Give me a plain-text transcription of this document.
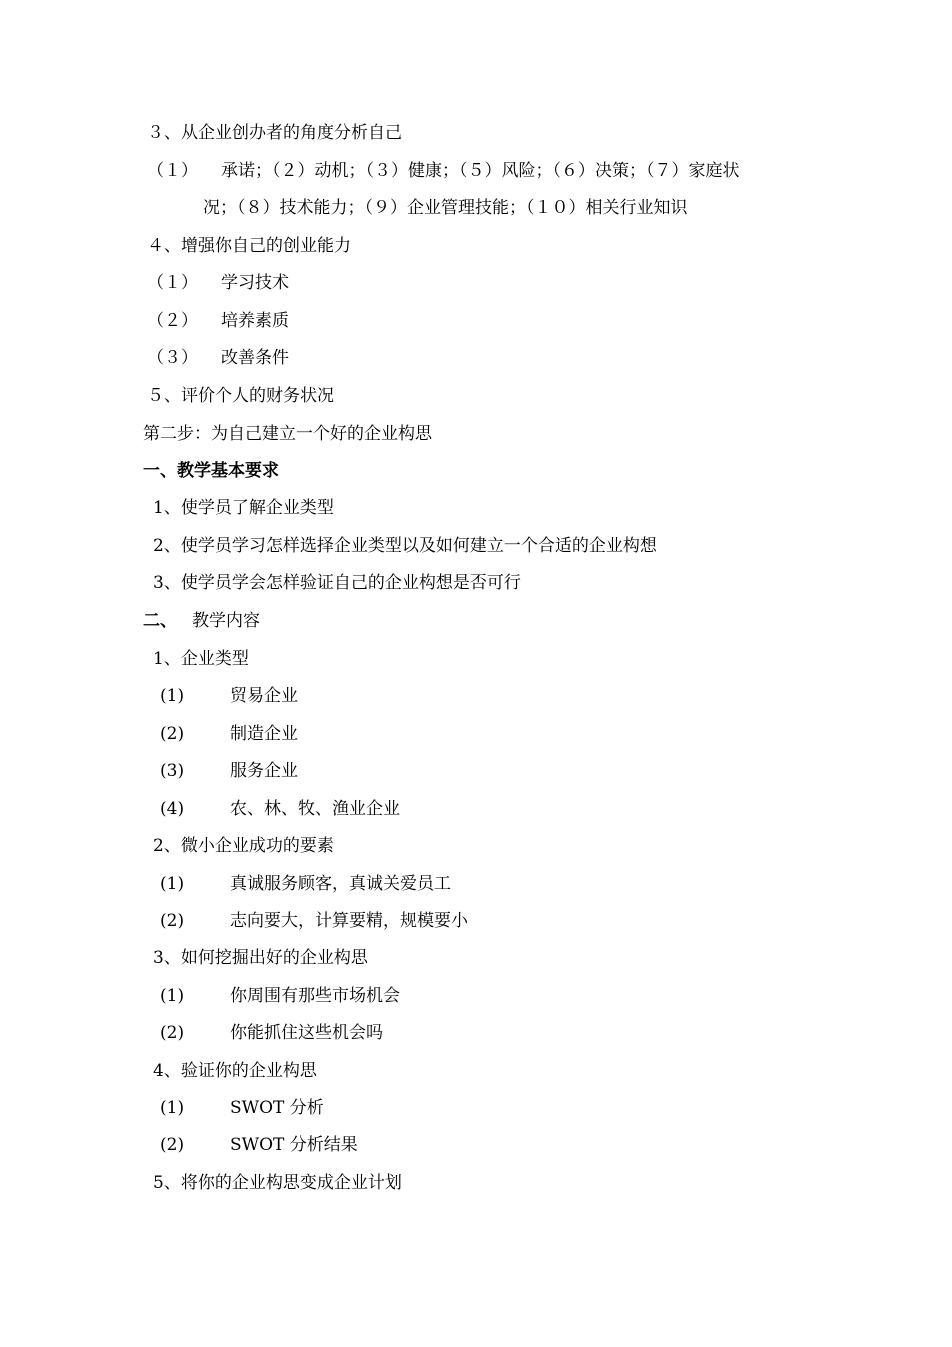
３、从企业创办者的角度分析自己
（１） 承诺；（２）动机；（３）健康；（５）风险；（６）决策；（７）家庭状
况；（８）技术能力；（９）企业管理技能；（１０）相关行业知识
４、增强你自己的创业能力
（１） 学习技术
（２） 培养素质
（３） 改善条件
５、评价个人的财务状况
第二步：为自己建立一个好的企业构思
一、教学基本要求
1、使学员了解企业类型
2、使学员学习怎样选择企业类型以及如何建立一个合适的企业构想
3、使学员学会怎样验证自己的企业构想是否可行
二、 教学内容
1、企业类型
(1)	贸易企业
(2)	制造企业
(3)	服务企业
(4)	农、林、牧、渔业企业
2、微小企业成功的要素
(1)	真诚服务顾客，真诚关爱员工
(2)	志向要大，计算要精，规模要小
3、如何挖掘出好的企业构思
(1)	你周围有那些市场机会
(2)	你能抓住这些机会吗
4、验证你的企业构思
(1)	SWOT 分析
(2)	SWOT 分析结果
5、将你的企业构思变成企业计划
